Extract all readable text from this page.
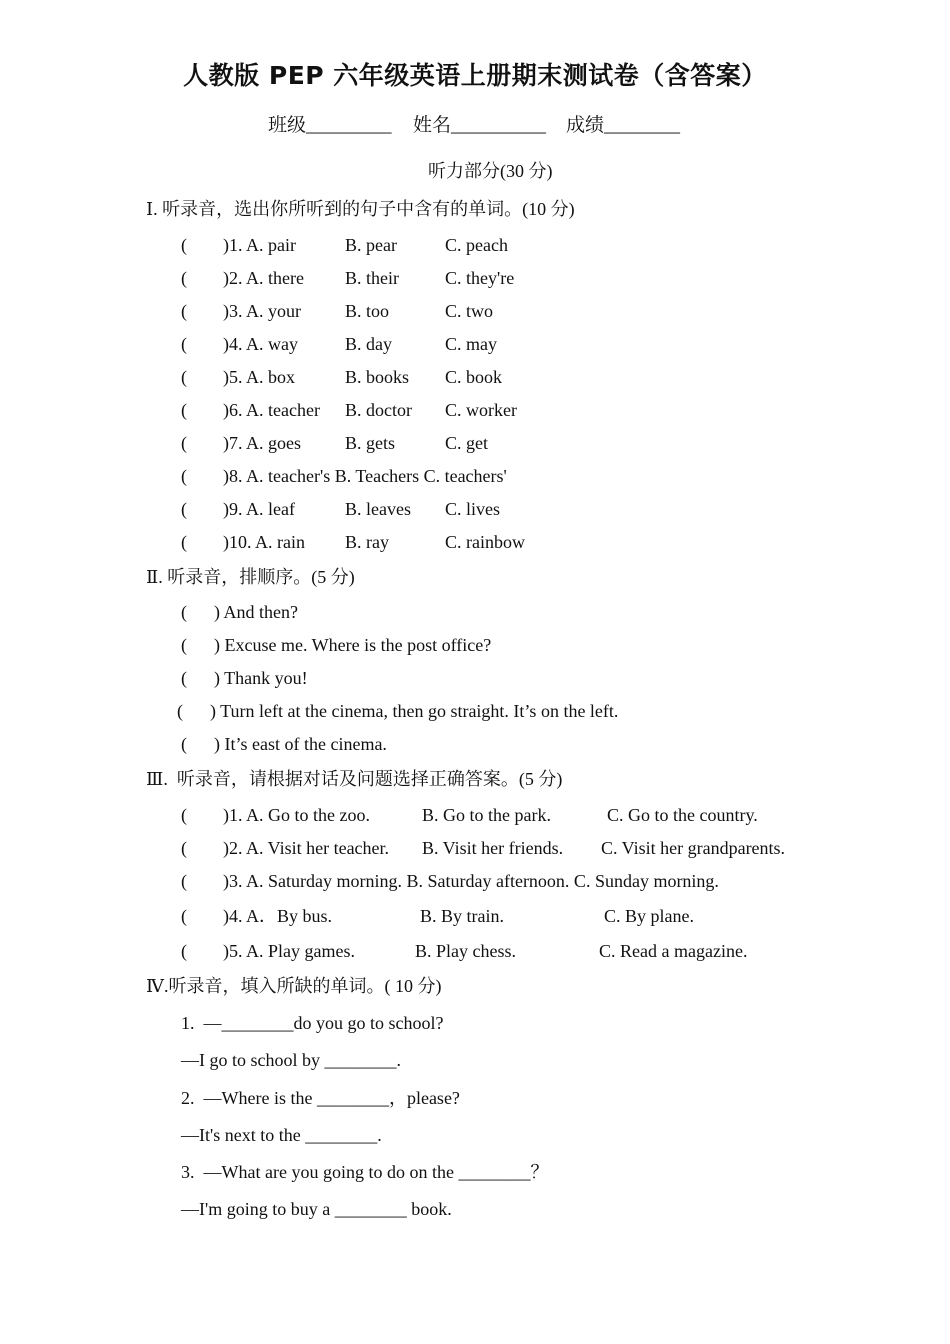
人教版 PEP 六年级英语上册期末测试卷（含答案）
班级_________ 姓名__________ 成绩________
听力部分(30 分)
Ⅰ. 听录音，选出你所听到的句子中含有的单词。(10 分)
(        )1. A. pair	B. pear	C. peach
(        )2. A. there B. their	C. they're
(        )3. A. your B. too	C. two
(        )4. A. way	B. day	C. may
(        )5. A. box	B. books C. book
(        )6. A. teacher B. doctor C. worker
(        )7. A. goes B. gets	C. get
(        )8. A. teacher's B. Teachers C. teachers'
(        )9. A. leaf	B. leaves C. lives
(        )10. A. rain B. ray	C. rainbow
Ⅱ. 听录音，排顺序。(5 分)
(      ) And then?
(      ) Excuse me. Where is the post office?
(      ) Thank you!
(      ) Turn left at the cinema, then go straight. It’s on the left.
(      ) It’s east of the cinema.
Ⅲ.  听录音，请根据对话及问题选择正确答案。(5 分)
(        )1. A. Go to the zoo.	B. Go to the park.	C. Go to the country.
(        )2. A. Visit her teacher. B. Visit her friends. C. Visit her grandparents.
(        )3. A. Saturday morning. B. Saturday afternoon. C. Sunday morning.
(        )4. A．By bus.	B. By train.	C. By plane.
(        )5. A. Play games.	B. Play chess.	C. Read a magazine.
Ⅳ.听录音，填入所缺的单词。( 10 分)
1.  —________do you go to school?
—I go to school by ________.
2.  —Where is the ________，please?
—It's next to the ________.
3.  —What are you going to do on the ________？
—I'm going to buy a ________ book.
